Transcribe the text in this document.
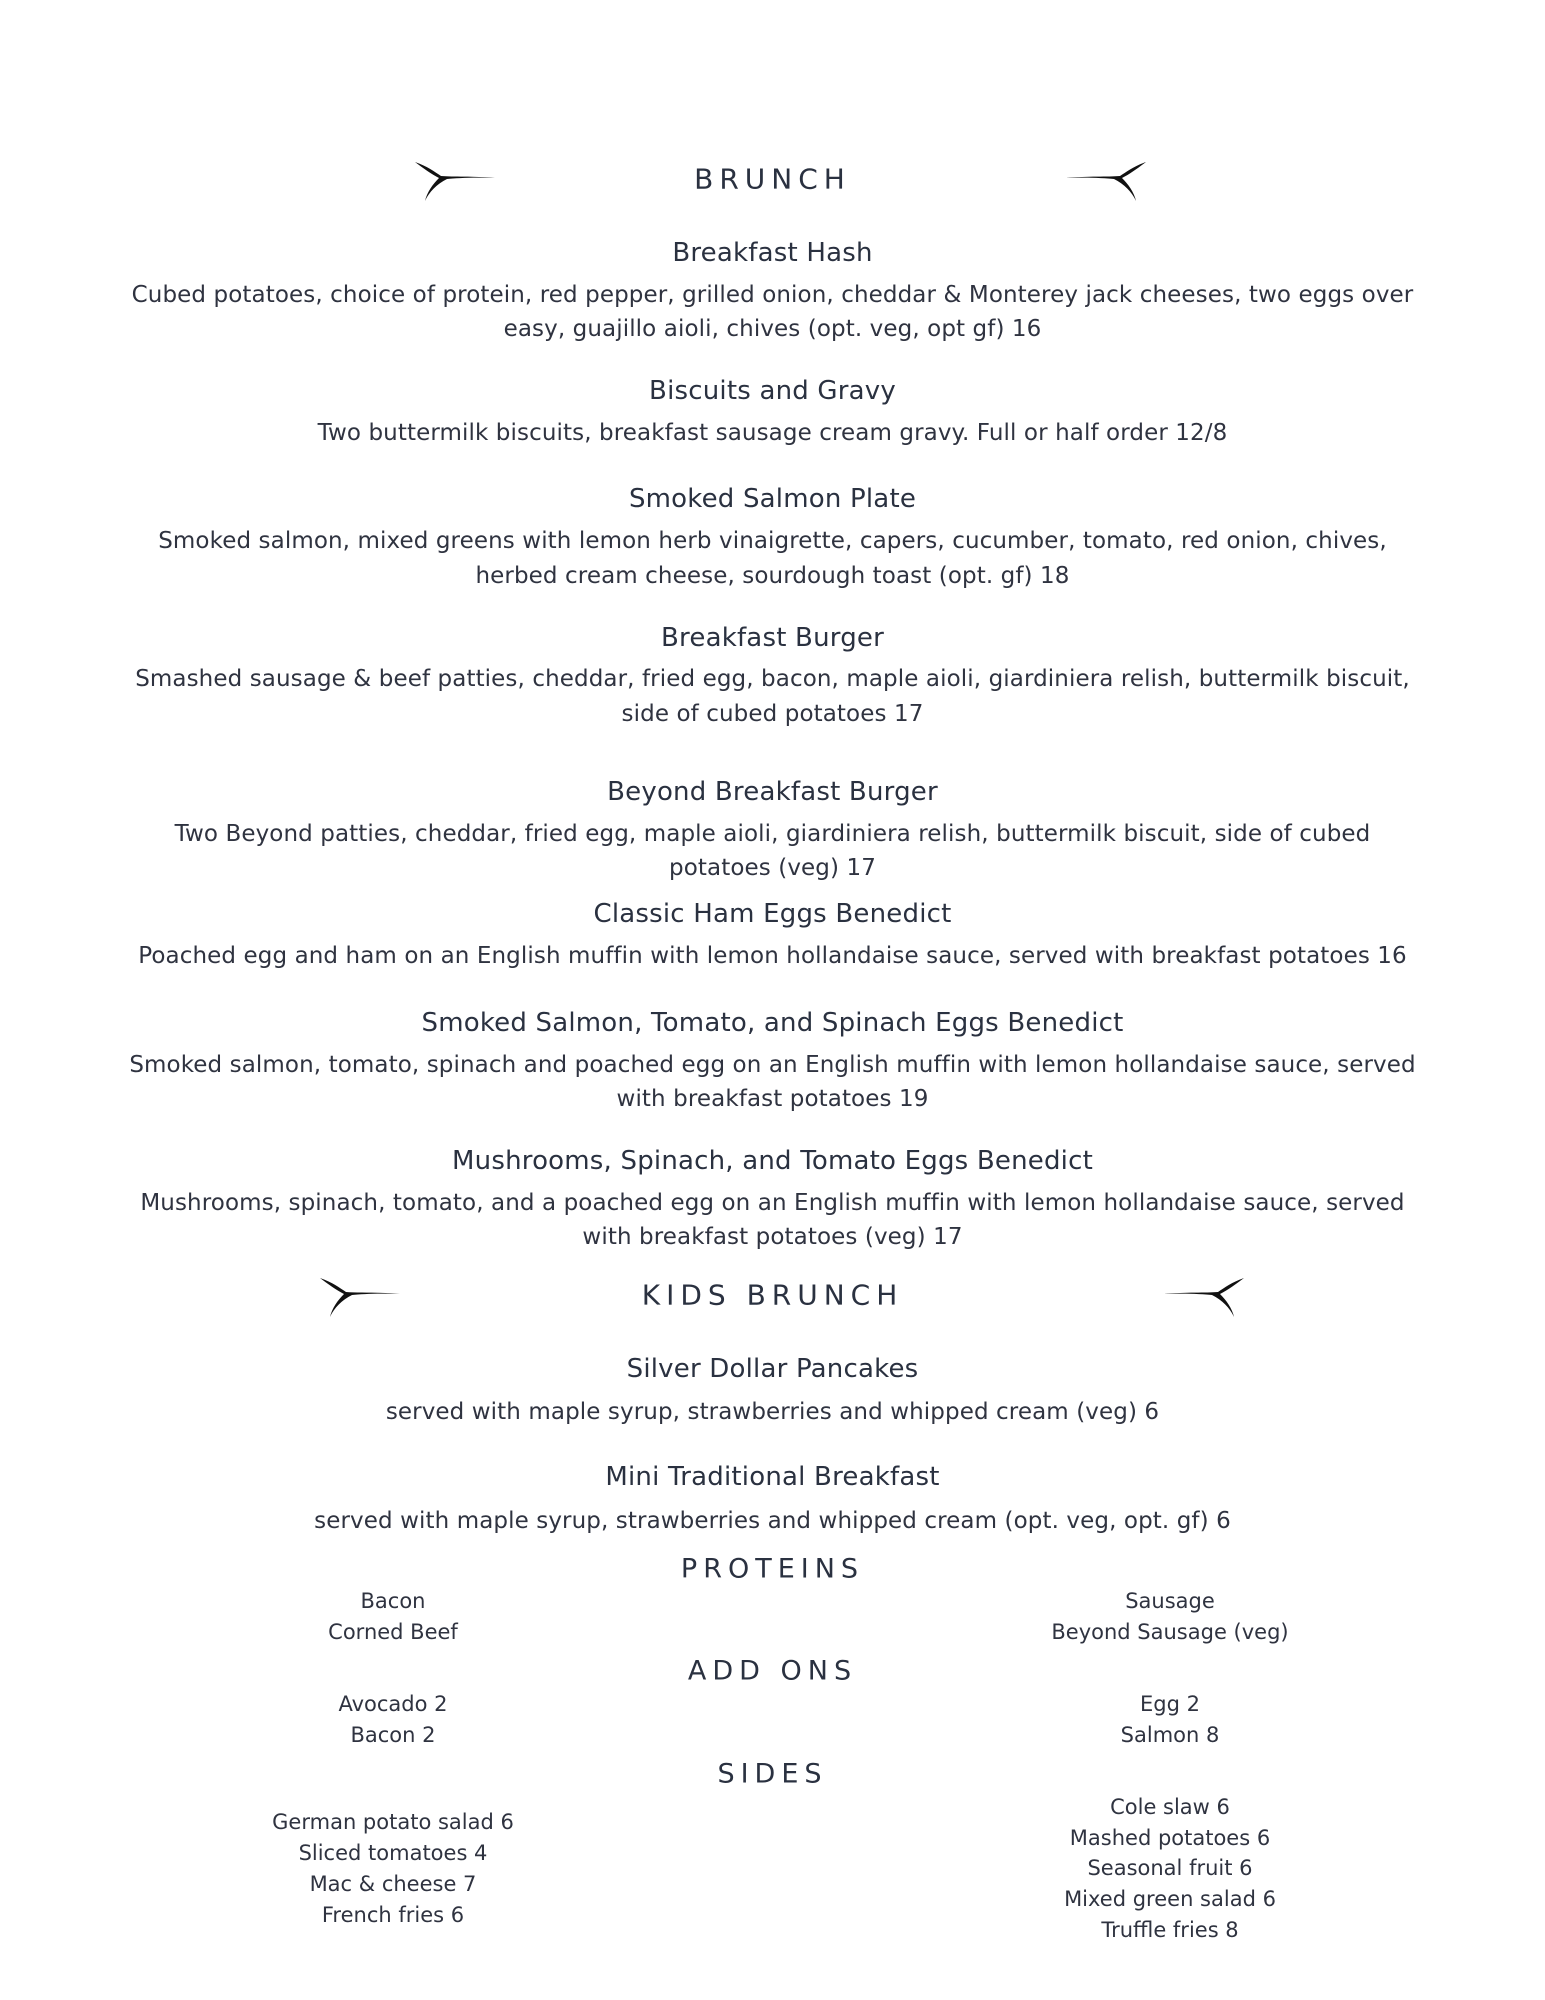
BRUNCH
Breakfast Hash
Cubed potatoes, choice of protein, red pepper, grilled onion, cheddar & Monterey jack cheeses, two eggs over
easy, guajillo aioli, chives (opt. veg, opt gf) 16
Biscuits and Gravy
Two buttermilk biscuits, breakfast sausage cream gravy. Full or half order 12/8
Smoked Salmon Plate
Smoked salmon, mixed greens with lemon herb vinaigrette, capers, cucumber, tomato, red onion, chives,
herbed cream cheese, sourdough toast (opt. gf) 18
Breakfast Burger
Smashed sausage & beef patties, cheddar, fried egg, bacon, maple aioli, giardiniera relish, buttermilk biscuit,
side of cubed potatoes 17
Beyond Breakfast Burger
Two Beyond patties, cheddar, fried egg, maple aioli, giardiniera relish, buttermilk biscuit, side of cubed
potatoes (veg) 17
Classic Ham Eggs Benedict
Poached egg and ham on an English muffin with lemon hollandaise sauce, served with breakfast potatoes 16
Smoked Salmon, Tomato, and Spinach Eggs Benedict
Smoked salmon, tomato, spinach and poached egg on an English muffin with lemon hollandaise sauce, served
with breakfast potatoes 19
Mushrooms, Spinach, and Tomato Eggs Benedict
Mushrooms, spinach, tomato, and a poached egg on an English muffin with lemon hollandaise sauce, served
with breakfast potatoes (veg) 17
KIDS BRUNCH
Silver Dollar Pancakes
served with maple syrup, strawberries and whipped cream (veg) 6
Mini Traditional Breakfast
served with maple syrup, strawberries and whipped cream (opt. veg, opt. gf) 6
PROTEINS
Bacon
Corned Beef
Sausage
Beyond Sausage (veg)
ADD ONS
Avocado 2
Bacon 2
Egg 2
Salmon 8
SIDES
German potato salad 6
Sliced tomatoes 4
Mac & cheese 7
French fries 6
Cole slaw 6
Mashed potatoes 6
Seasonal fruit 6
Mixed green salad 6
Truffle fries 8
